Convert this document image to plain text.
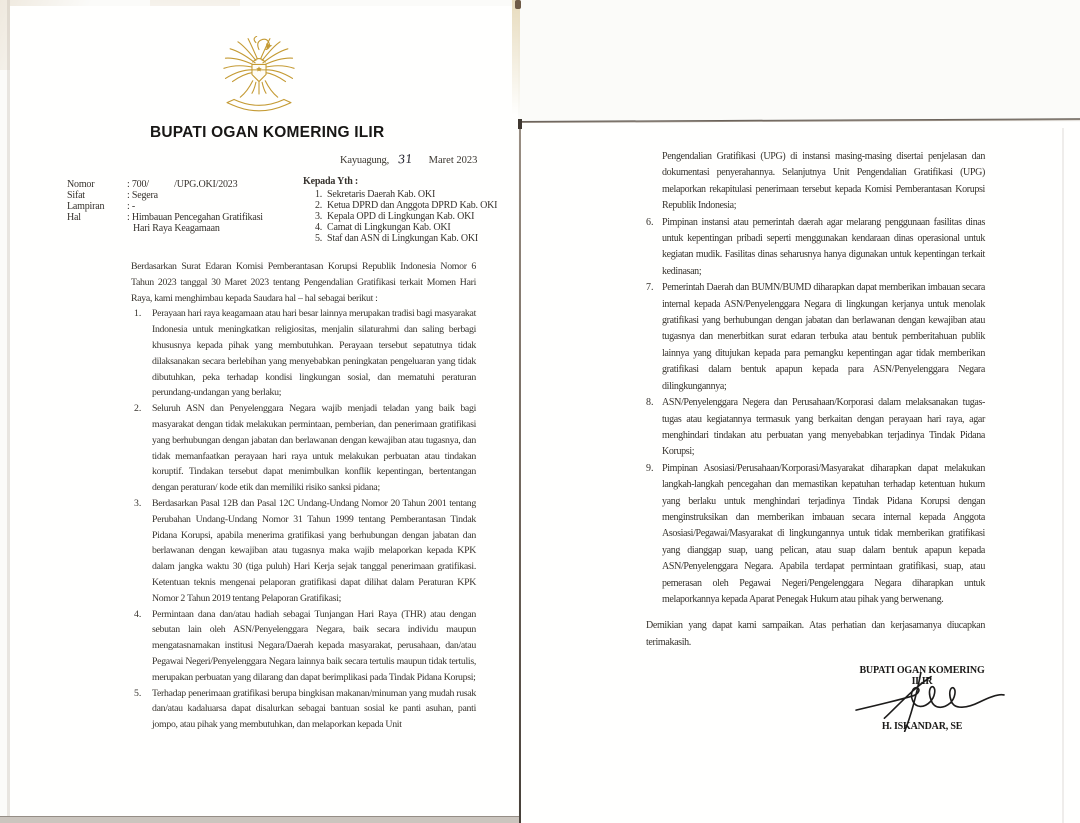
BUPATI OGAN KOMERING ILIR
Kayuagung, 31 Maret 2023
Nomor	: 700/           /UPG.OKI/2023
Sifat	: Segera
Lampiran	: -
Hal	: Himbauan Pencegahan Gratifikasi
Hari Raya Keagamaan
Kepada Yth :
1. Sekretaris Daerah Kab. OKI
2. Ketua DPRD dan Anggota DPRD Kab. OKI
3. Kepala OPD di Lingkungan Kab. OKI
4. Camat di Lingkungan Kab. OKI
5. Staf dan ASN di Lingkungan Kab. OKI
Berdasarkan Surat Edaran Komisi Pemberantasan Korupsi Republik Indonesia Nomor 6 Tahun 2023 tanggal 30 Maret 2023 tentang Pengendalian Gratifikasi terkait Momen Hari Raya, kami menghimbau kepada Saudara hal – hal sebagai berikut :
1. Perayaan hari raya keagamaan atau hari besar lainnya merupakan tradisi bagi masyarakat Indonesia untuk meningkatkan religiositas, menjalin silaturahmi dan saling berbagi khususnya kepada pihak yang membutuhkan. Perayaan tersebut sepatutnya tidak dilaksanakan secara berlebihan yang menyebabkan peningkatan pengeluaran yang tidak dibutuhkan, peka terhadap kondisi lingkungan sosial, dan mematuhi peraturan perundang-undangan yang berlaku;
2. Seluruh ASN dan Penyelenggara Negara wajib menjadi teladan yang baik bagi masyarakat dengan tidak melakukan permintaan, pemberian, dan penerimaan gratifikasi yang berhubungan dengan jabatan dan berlawanan dengan kewajiban atau tugasnya, dan tidak memanfaatkan perayaan hari raya untuk melakukan perbuatan atau tindakan koruptif. Tindakan tersebut dapat menimbulkan konflik kepentingan, bertentangan dengan peraturan/ kode etik dan memiliki risiko sanksi pidana;
3. Berdasarkan Pasal 12B dan Pasal 12C Undang-Undang Nomor 20 Tahun 2001 tentang Perubahan Undang-Undang Nomor 31 Tahun 1999 tentang Pemberantasan Tindak Pidana Korupsi, apabila menerima gratifikasi yang berhubungan dengan jabatan dan berlawanan dengan kewajiban atau tugasnya maka wajib melaporkan kepada KPK dalam jangka waktu 30 (tiga puluh) Hari Kerja sejak tanggal penerimaan gratifikasi. Ketentuan teknis mengenai pelaporan gratifikasi dapat dilihat dalam Peraturan KPK Nomor 2 Tahun 2019 tentang Pelaporan Gratifikasi;
4. Permintaan dana dan/atau hadiah sebagai Tunjangan Hari Raya (THR) atau dengan sebutan lain oleh ASN/Penyelenggara Negara, baik secara individu maupun mengatasnamakan institusi Negara/Daerah kepada masyarakat, perusahaan, dan/atau Pegawai Negeri/Penyelenggara Negara lainnya baik secara tertulis maupun tidak tertulis, merupakan perbuatan yang dilarang dan dapat berimplikasi pada Tindak Pidana Korupsi;
5. Terhadap penerimaan gratifikasi berupa bingkisan makanan/minuman yang mudah rusak dan/atau kadaluarsa dapat disalurkan sebagai bantuan sosial ke panti asuhan, panti jompo, atau pihak yang membutuhkan, dan melaporkan kepada Unit
Pengendalian Gratifikasi (UPG) di instansi masing-masing disertai penjelasan dan dokumentasi penyerahannya. Selanjutnya Unit Pengendalian Gratifikasi (UPG) melaporkan rekapitulasi penerimaan tersebut kepada Komisi Pemberantasan Korupsi Republik Indonesia;
6. Pimpinan instansi atau pemerintah daerah agar melarang penggunaan fasilitas dinas untuk kepentingan pribadi seperti menggunakan kendaraan dinas operasional untuk kegiatan mudik. Fasilitas dinas seharusnya hanya digunakan untuk kepentingan terkait kedinasan;
7. Pemerintah Daerah dan BUMN/BUMD diharapkan dapat memberikan imbauan secara internal kepada ASN/Penyelenggara Negara di lingkungan kerjanya untuk menolak gratifikasi yang berhubungan dengan jabatan dan berlawanan dengan kewajiban atau tugasnya dan menerbitkan surat edaran terbuka atau bentuk pemberitahuan publik lainnya yang ditujukan kepada para pemangku kepentingan agar tidak memberikan gratifikasi dalam bentuk apapun kepada para ASN/Penyelenggara Negara dilingkungannya;
8. ASN/Penyelenggara Negera dan Perusahaan/Korporasi dalam melaksanakan tugas-tugas atau kegiatannya termasuk yang berkaitan dengan perayaan hari raya, agar menghindari tindakan atu perbuatan yang menyebabkan terjadinya Tindak Pidana Korupsi;
9. Pimpinan Asosiasi/Perusahaan/Korporasi/Masyarakat diharapkan dapat melakukan langkah-langkah pencegahan dan memastikan kepatuhan terhadap ketentuan hukum yang berlaku untuk menghindari terjadinya Tindak Pidana Korupsi dengan menginstruksikan dan memberikan imbauan secara internal kepada Anggota Asosiasi/Pegawai/Masyarakat di lingkungannya untuk tidak memberikan gratifikasi yang dianggap suap, uang pelican, atau suap dalam bentuk apapun kepada ASN/Penyelenggara Negara. Apabila terdapat permintaan gratifikasi, suap, atau pemerasan oleh Pegawai Negeri/Pengelenggara Negara diharapkan untuk melaporkannya kepada Aparat Penegak Hukum atau pihak yang berwenang.
Demikian yang dapat kami sampaikan. Atas perhatian dan kerjasamanya diucapkan terimakasih.
BUPATI OGAN KOMERING ILIR
H. ISKANDAR, SE
